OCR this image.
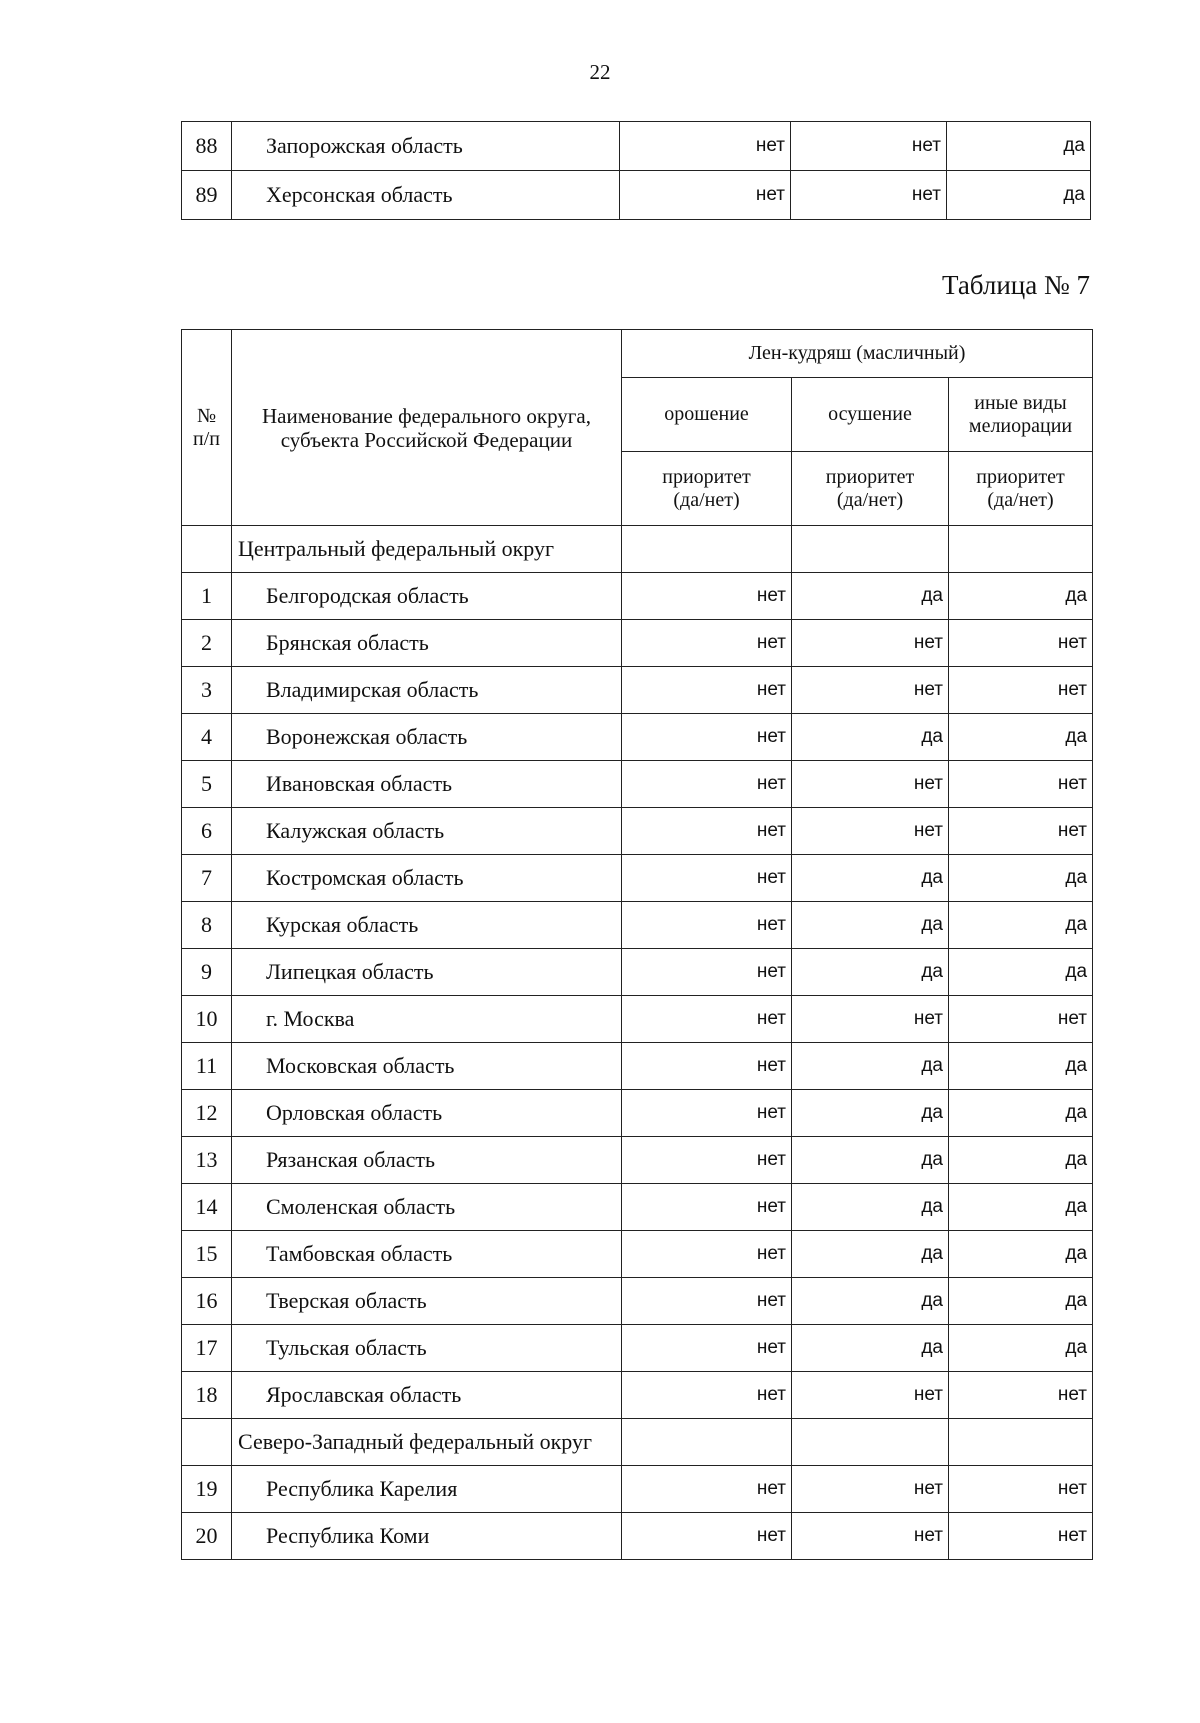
22
88	Запорожская область	нет	нет	да
89	Херсонская область	нет	нет	да
Таблица № 7
№ п/п	Наименование федерального округа, субъекта Российской Федерации	Лен-кудряш (масличный)		
		орошение	осушение	иные виды мелиорации
		приоритет (да/нет)	приоритет (да/нет)	приоритет (да/нет)
	Центральный федеральный округ			
1	Белгородская область	нет	да	да
2	Брянская область	нет	нет	нет
3	Владимирская область	нет	нет	нет
4	Воронежская область	нет	да	да
5	Ивановская область	нет	нет	нет
6	Калужская область	нет	нет	нет
7	Костромская область	нет	да	да
8	Курская область	нет	да	да
9	Липецкая область	нет	да	да
10	г. Москва	нет	нет	нет
11	Московская область	нет	да	да
12	Орловская область	нет	да	да
13	Рязанская область	нет	да	да
14	Смоленская область	нет	да	да
15	Тамбовская область	нет	да	да
16	Тверская область	нет	да	да
17	Тульская область	нет	да	да
18	Ярославская область	нет	нет	нет
	Северо-Западный федеральный округ			
19	Республика Карелия	нет	нет	нет
20	Республика Коми	нет	нет	нет
